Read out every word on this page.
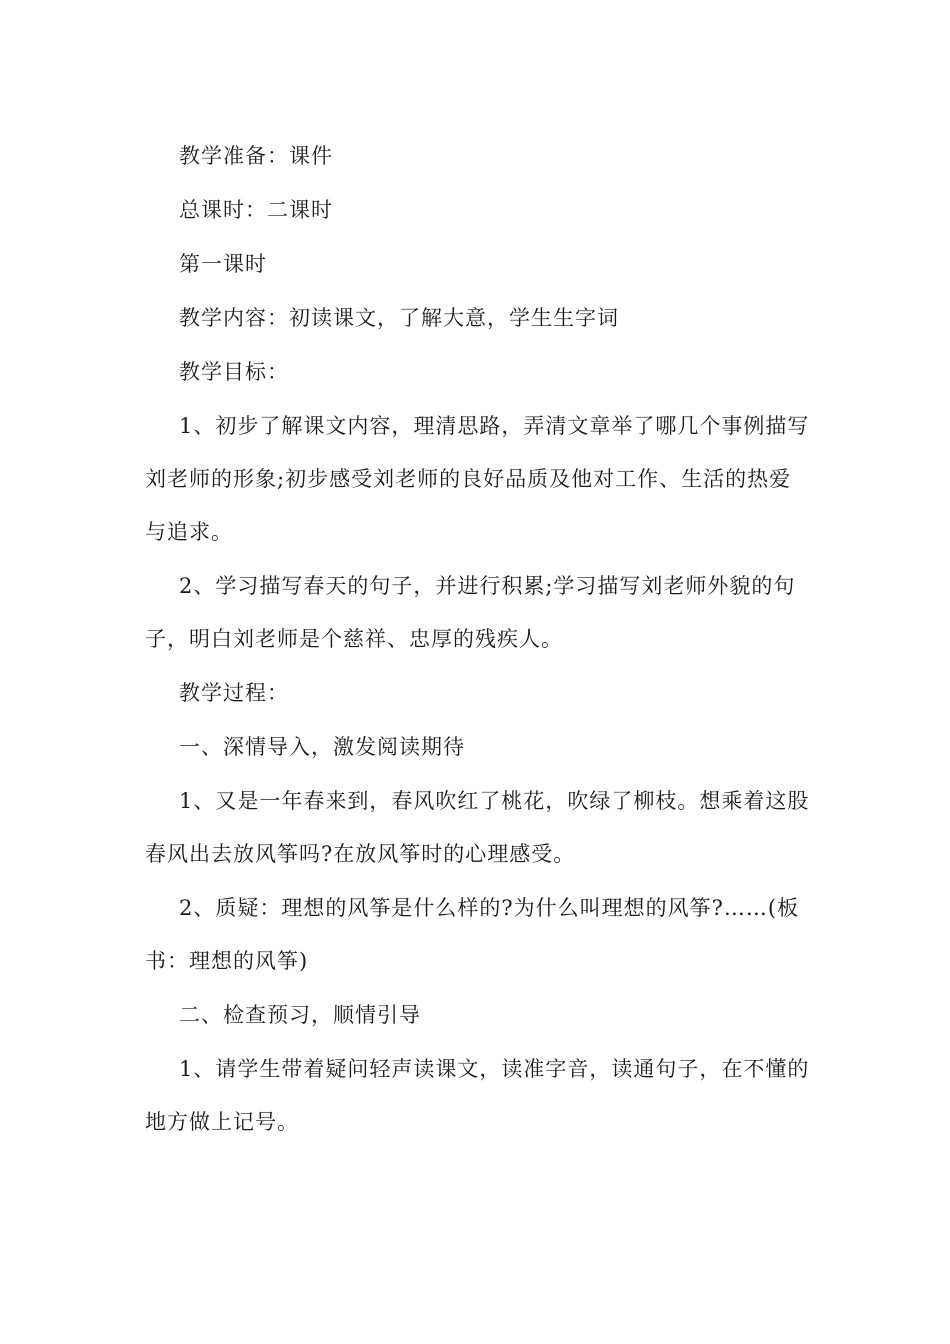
教学准备：课件

总课时：二课时

第一课时

教学内容：初读课文，了解大意，学生生字词

教学目标：

1、初步了解课文内容，理清思路，弄清文章举了哪几个事例描写刘老师的形象;初步感受刘老师的良好品质及他对工作、生活的热爱与追求。

2、学习描写春天的句子，并进行积累;学习描写刘老师外貌的句子，明白刘老师是个慈祥、忠厚的残疾人。

教学过程：

一、深情导入，激发阅读期待

1、又是一年春来到，春风吹红了桃花，吹绿了柳枝。想乘着这股春风出去放风筝吗?在放风筝时的心理感受。

2、质疑：理想的风筝是什么样的?为什么叫理想的风筝?……(板书：理想的风筝)

二、检查预习，顺情引导

1、请学生带着疑问轻声读课文，读准字音，读通句子，在不懂的地方做上记号。
